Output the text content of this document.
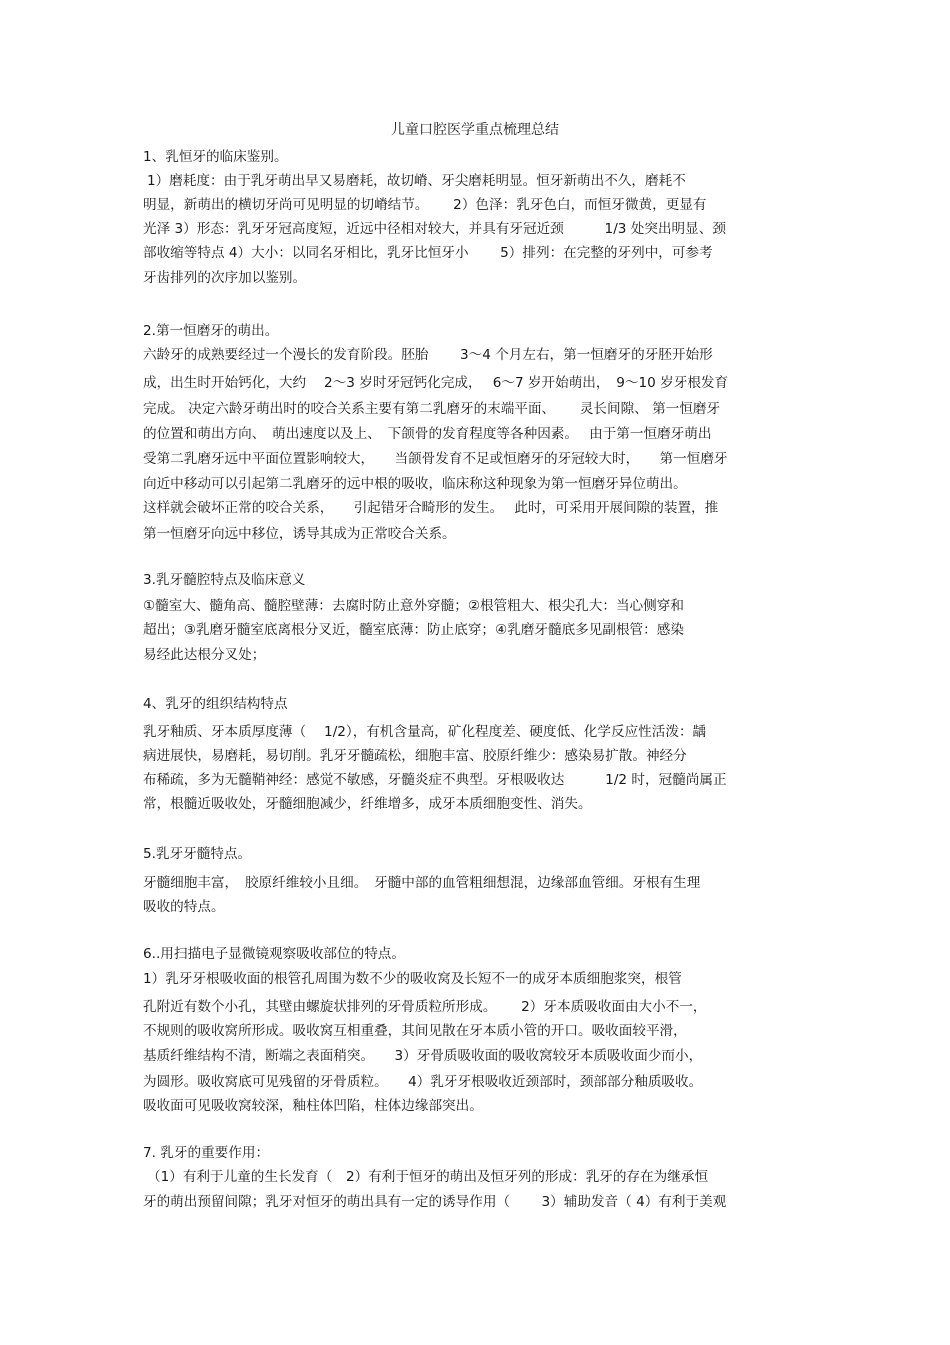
儿童口腔医学重点梳理总结
1、乳恒牙的临床鉴别。
1）磨耗度：由于乳牙萌出早又易磨耗，故切嵴、牙尖磨耗明显。恒牙新萌出不久，磨耗不
明显，新萌出的横切牙尚可见明显的切嵴结节。　　 2）色泽：乳牙色白，而恒牙微黄，更显有
光泽 3）形态：乳牙牙冠高度短，近远中径相对较大，并具有牙冠近颈　　　1/3 处突出明显、颈
部收缩等特点 4）大小：以同名牙相比，乳牙比恒牙小　　 5）排列：在完整的牙列中，可参考
牙齿排列的次序加以鉴别。
2.第一恒磨牙的萌出。
六龄牙的成熟要经过一个漫长的发育阶段。胚胎　　 3～4 个月左右，第一恒磨牙的牙胚开始形
成，出生时开始钙化，大约　 2～3 岁时牙冠钙化完成，　 6～7 岁开始萌出，　9～10 岁牙根发育
完成。 决定六龄牙萌出时的咬合关系主要有第二乳磨牙的末端平面、　　 灵长间隙、 第一恒磨牙
的位置和萌出方向、　萌出速度以及上、　下颌骨的发育程度等各种因素。　 由于第一恒磨牙萌出
受第二乳磨牙远中平面位置影响较大，　　当颌骨发育不足或恒磨牙的牙冠较大时，　　第一恒磨牙
向近中移动可以引起第二乳磨牙的远中根的吸收，临床称这种现象为第一恒磨牙异位萌出。
这样就会破坏正常的咬合关系，　　引起错牙合畸形的发生。　 此时，可采用开展间隙的装置，推
第一恒磨牙向远中移位，诱导其成为正常咬合关系。
3.乳牙髓腔特点及临床意义
①髓室大、髓角高、髓腔壁薄：去腐时防止意外穿髓；②根管粗大、根尖孔大：当心侧穿和
超出；③乳磨牙髓室底离根分叉近，髓室底薄：防止底穿；④乳磨牙髓底多见副根管：感染
易经此达根分叉处；
4、乳牙的组织结构特点
乳牙釉质、牙本质厚度薄（　 1/2），有机含量高，矿化程度差、硬度低、化学反应性活泼：龋
病进展快，易磨耗，易切削。乳牙牙髓疏松，细胞丰富、胶原纤维少：感染易扩散。神经分
布稀疏，多为无髓鞘神经：感觉不敏感，牙髓炎症不典型。牙根吸收达　　　1/2 时，冠髓尚属正
常，根髓近吸收处，牙髓细胞减少，纤维增多，成牙本质细胞变性、消失。
5.乳牙牙髓特点。
牙髓细胞丰富，　胶原纤维较小且细。　牙髓中部的血管粗细想混，边缘部血管细。牙根有生理
吸收的特点。
6..用扫描电子显微镜观察吸收部位的特点。
1）乳牙牙根吸收面的根管孔周围为数不少的吸收窝及长短不一的成牙本质细胞浆突，根管
孔附近有数个小孔，其壁由螺旋状排列的牙骨质粒所形成。　　 2）牙本质吸收面由大小不一，
不规则的吸收窝所形成。吸收窝互相重叠，其间见散在牙本质小管的开口。吸收面较平滑，
基质纤维结构不清，断端之表面稍突。　　3）牙骨质吸收面的吸收窝较牙本质吸收面少而小，
为圆形。吸收窝底可见残留的牙骨质粒。　　4）乳牙牙根吸收近颈部时，颈部部分釉质吸收。
吸收面可见吸收窝较深，釉柱体凹陷，柱体边缘部突出。
7. 乳牙的重要作用：
（1）有利于儿童的生长发育（　2）有利于恒牙的萌出及恒牙列的形成：乳牙的存在为继承恒
牙的萌出预留间隙；乳牙对恒牙的萌出具有一定的诱导作用（　　 3）辅助发音（ 4）有利于美观
